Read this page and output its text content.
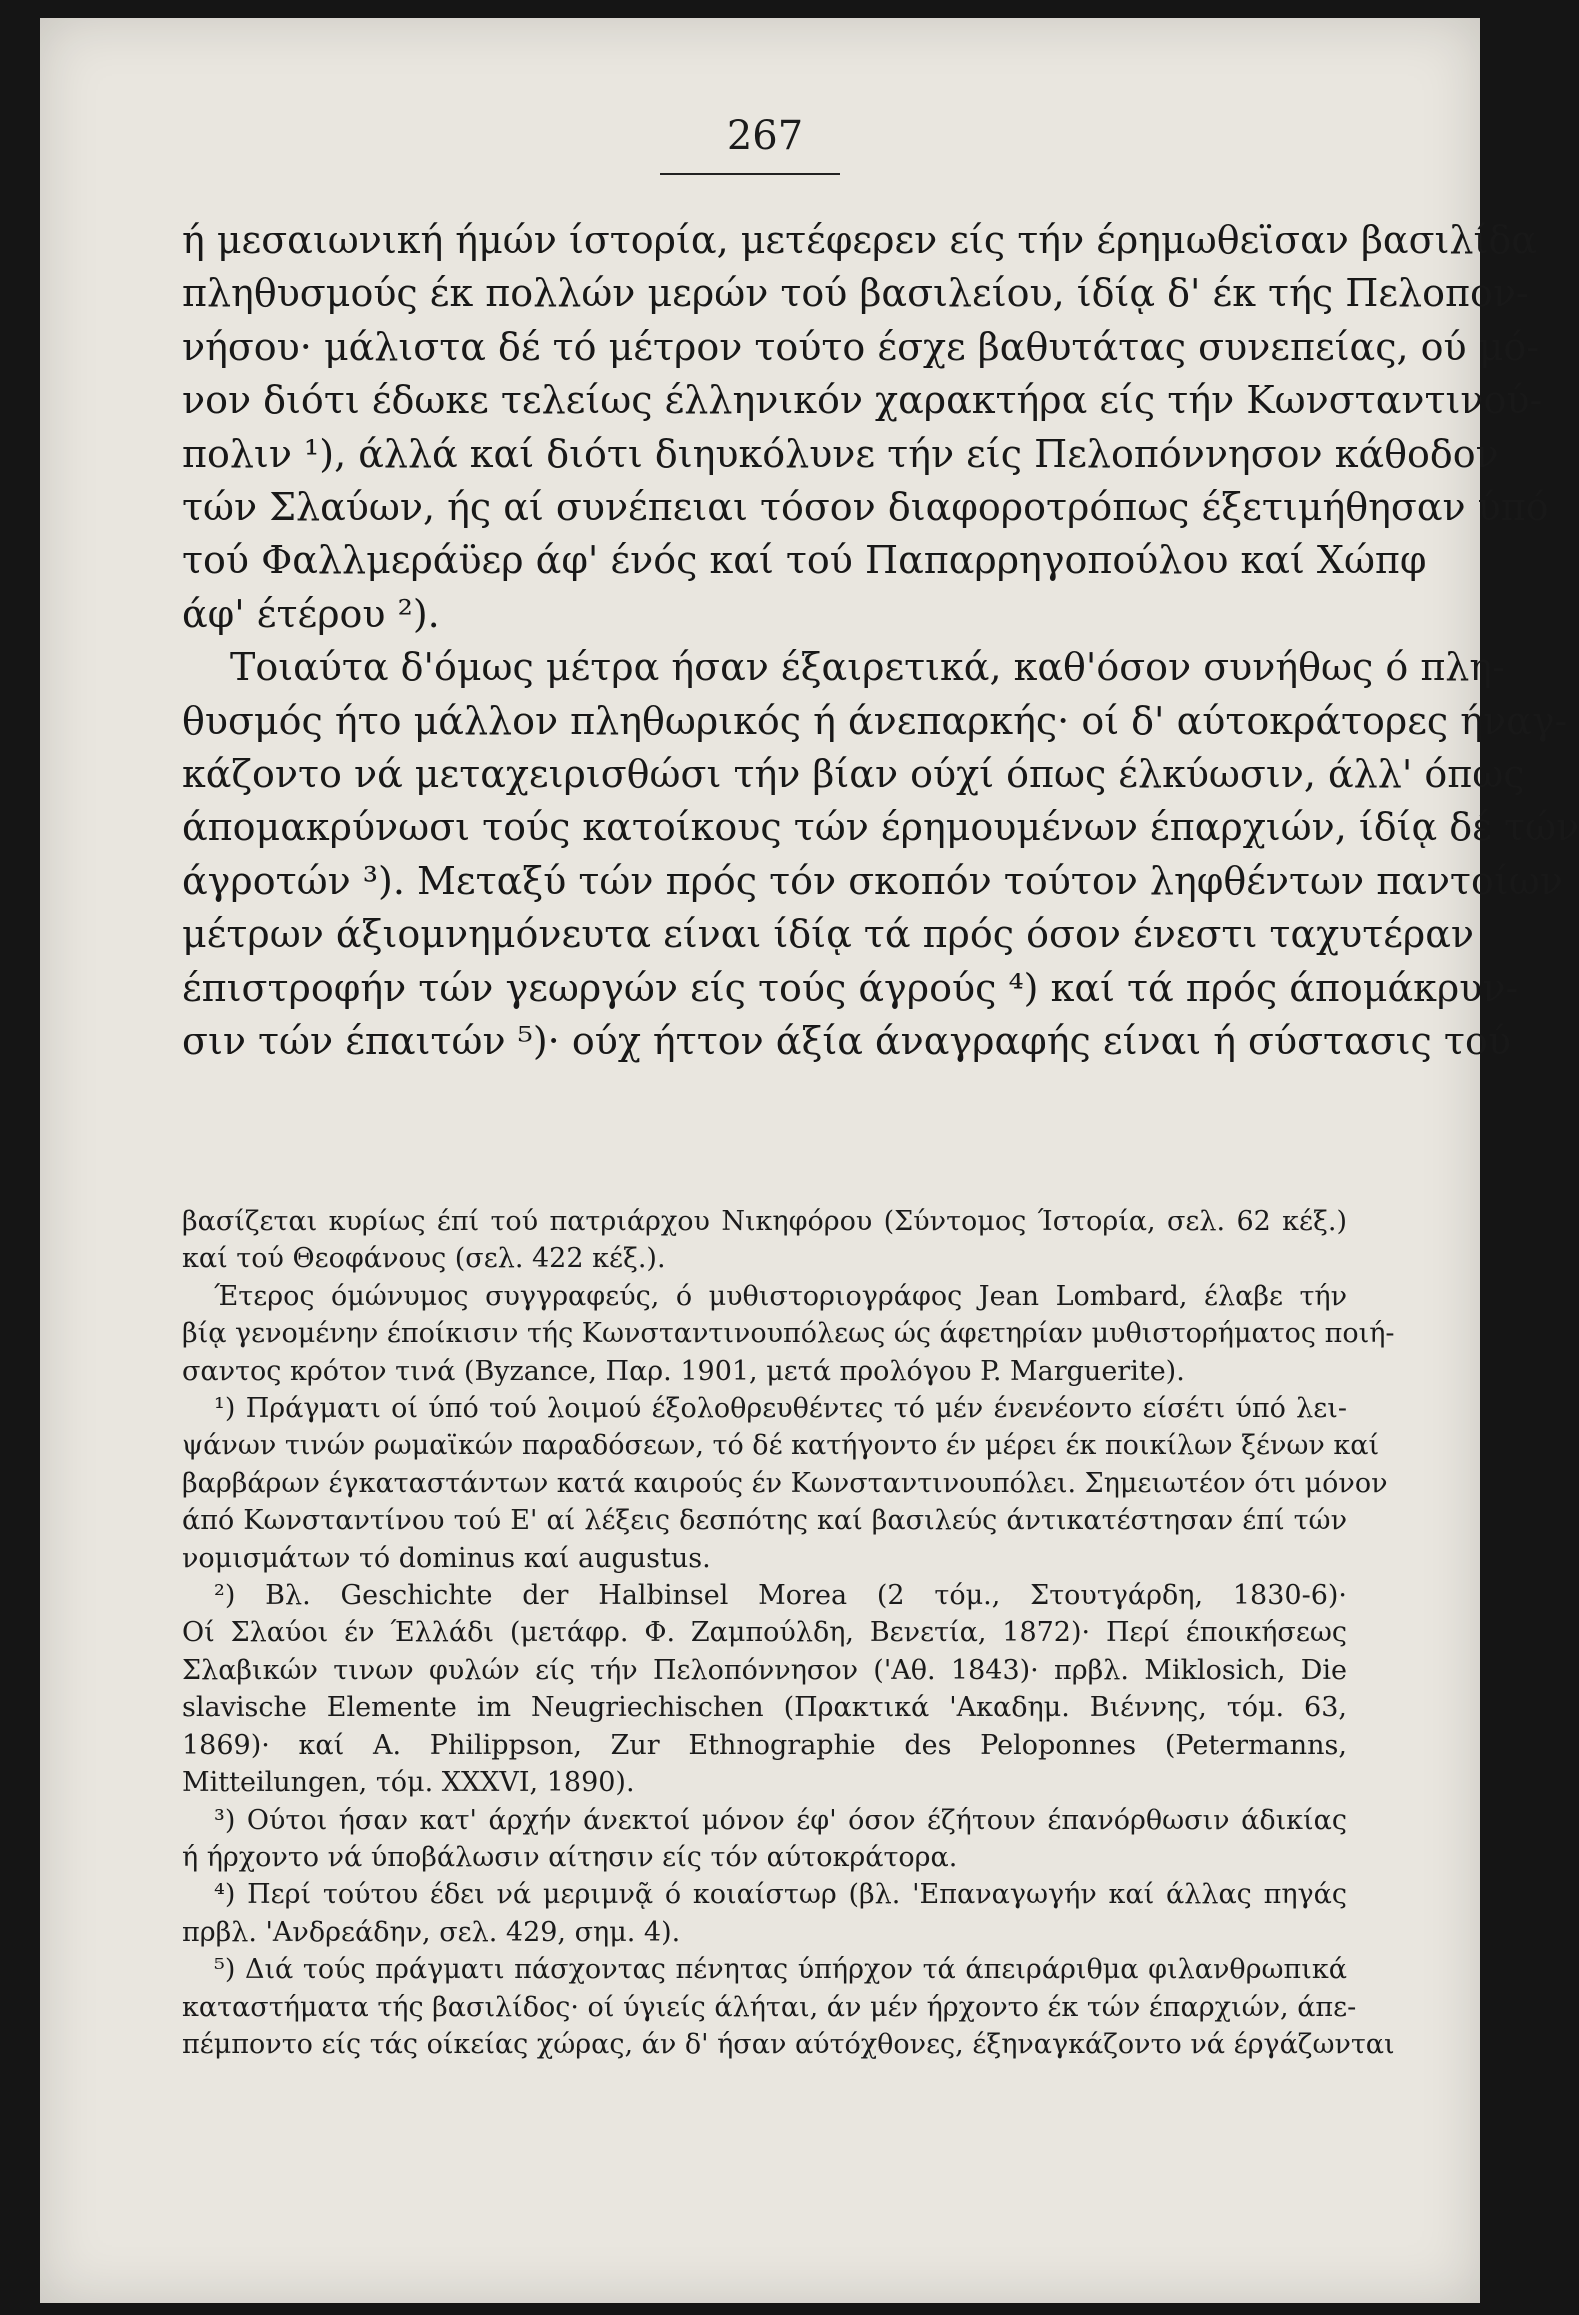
267
ή μεσαιωνική ήμών ίστορία, μετέφερεν είς τήν έρημωθεϊσαν βασιλίδα
πληθυσμούς έκ πολλών μερών τού βασιλείου, ίδίᾳ δ' έκ τής Πελοπον-
νήσου· μάλιστα δέ τό μέτρον τούτο έσχε βαθυτάτας συνεπείας, ού μό-
νον διότι έδωκε τελείως έλληνικόν χαρακτήρα είς τήν Κωνσταντινού-
πολιν ¹), άλλά καί διότι διηυκόλυνε τήν είς Πελοπόννησον κάθοδον
τών Σλαύων, ής αί συνέπειαι τόσον διαφοροτρόπως έξετιμήθησαν ύπό
τού Φαλλμεράϋερ άφ' ένός καί τού Παπαρρηγοπούλου καί Χώπφ
άφ' έτέρου ²).
Τοιαύτα δ'όμως μέτρα ήσαν έξαιρετικά, καθ'όσον συνήθως ό πλη-
θυσμός ήτο μάλλον πληθωρικός ή άνεπαρκής· οί δ' αύτοκράτορες ήναγ-
κάζοντο νά μεταχειρισθώσι τήν βίαν ούχί όπως έλκύωσιν, άλλ' όπως
άπομακρύνωσι τούς κατοίκους τών έρημουμένων έπαρχιών, ίδίᾳ δέ τών
άγροτών ³). Μεταξύ τών πρός τόν σκοπόν τούτον ληφθέντων παντοίων
μέτρων άξιομνημόνευτα είναι ίδίᾳ τά πρός όσον ένεστι ταχυτέραν
έπιστροφήν τών γεωργών είς τούς άγρούς ⁴) καί τά πρός άπομάκρυν-
σιν τών έπαιτών ⁵)· ούχ ήττον άξία άναγραφής είναι ή σύστασις τού
βασίζεται κυρίως έπί τού πατριάρχου Νικηφόρου (Σύντομος Ίστορία, σελ. 62 κέξ.)
καί τού Θεοφάνους (σελ. 422 κέξ.).
Έτερος όμώνυμος συγγραφεύς, ό μυθιστοριογράφος Jean Lombard, έλαβε τήν
βίᾳ γενομένην έποίκισιν τής Κωνσταντινουπόλεως ώς άφετηρίαν μυθιστορήματος ποιή-
σαντος κρότον τινά (Byzance, Παρ. 1901, μετά προλόγου P. Marguerite).
¹) Πράγματι οί ύπό τού λοιμού έξολοθρευθέντες τό μέν ένενέοντο είσέτι ύπό λει-
ψάνων τινών ρωμαϊκών παραδόσεων, τό δέ κατήγοντο έν μέρει έκ ποικίλων ξένων καί
βαρβάρων έγκαταστάντων κατά καιρούς έν Κωνσταντινουπόλει. Σημειωτέον ότι μόνον
άπό Κωνσταντίνου τού Ε' αί λέξεις δεσπότης καί βασιλεύς άντικατέστησαν έπί τών
νομισμάτων τό dominus καί augustus.
²) Βλ. Geschichte der Halbinsel Morea (2 τόμ., Στουτγάρδη, 1830-6)·
Οί Σλαύοι έν Έλλάδι (μετάφρ. Φ. Ζαμπούλδη, Βενετία, 1872)· Περί έποικήσεως
Σλαβικών τινων φυλών είς τήν Πελοπόννησον ('Αθ. 1843)· πρβλ. Miklosich, Die
slavische Elemente im Neugriechischen (Πρακτικά 'Ακαδημ. Βιέννης, τόμ. 63,
1869)· καί A. Philippson, Zur Ethnographie des Peloponnes (Petermanns,
Mitteilungen, τόμ. XXXVI, 1890).
³) Ούτοι ήσαν κατ' άρχήν άνεκτοί μόνον έφ' όσον έζήτουν έπανόρθωσιν άδικίας
ή ήρχοντο νά ύποβάλωσιν αίτησιν είς τόν αύτοκράτορα.
⁴) Περί τούτου έδει νά μεριμνᾷ ό κοιαίστωρ (βλ. 'Επαναγωγήν καί άλλας πηγάς
πρβλ. 'Ανδρεάδην, σελ. 429, σημ. 4).
⁵) Διά τούς πράγματι πάσχοντας πένητας ύπήρχον τά άπειράριθμα φιλανθρωπικά
καταστήματα τής βασιλίδος· οί ύγιείς άλήται, άν μέν ήρχοντο έκ τών έπαρχιών, άπε-
πέμποντο είς τάς οίκείας χώρας, άν δ' ήσαν αύτόχθονες, έξηναγκάζοντο νά έργάζωνται
